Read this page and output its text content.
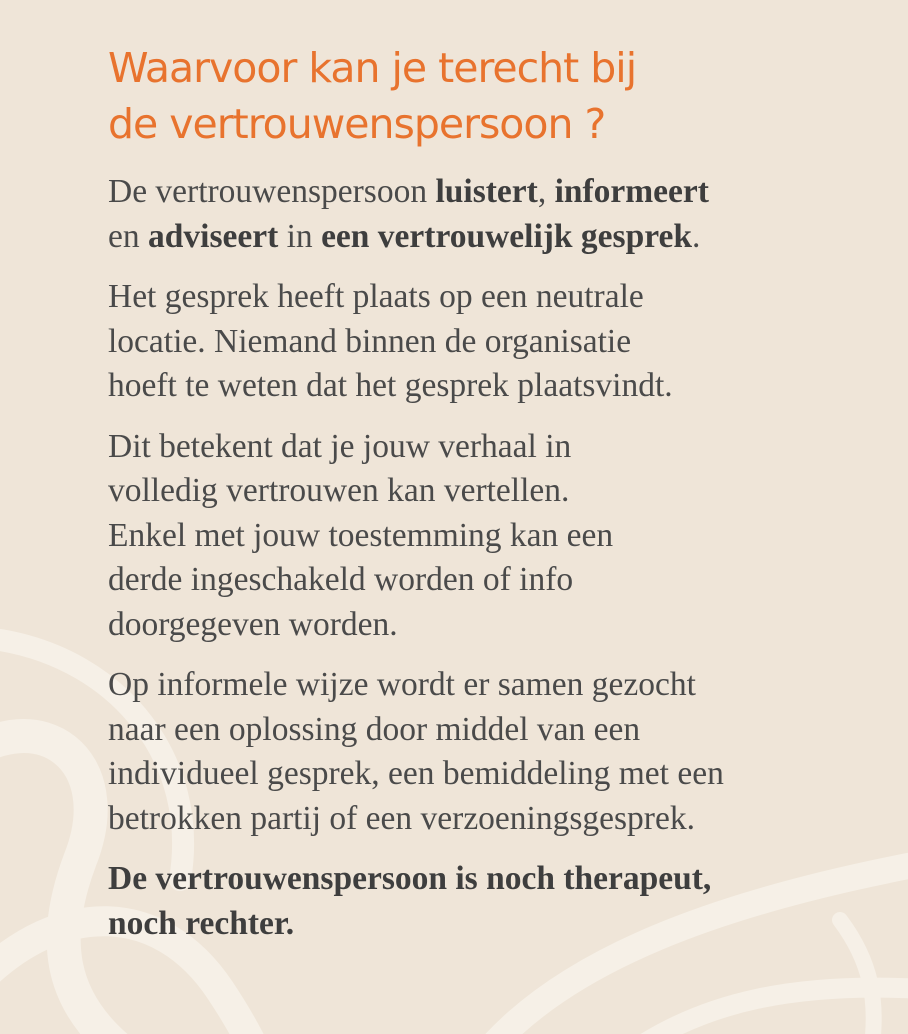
Waarvoor kan je terecht bij
de vertrouwenspersoon ?

De vertrouwenspersoon luistert, informeert
en adviseert in een vertrouwelijk gesprek.

Het gesprek heeft plaats op een neutrale
locatie. Niemand binnen de organisatie
hoeft te weten dat het gesprek plaatsvindt.

Dit betekent dat je jouw verhaal in
volledig vertrouwen kan vertellen.
Enkel met jouw toestemming kan een
derde ingeschakeld worden of info
doorgegeven worden.

Op informele wijze wordt er samen gezocht
naar een oplossing door middel van een
individueel gesprek, een bemiddeling met een
betrokken partij of een verzoeningsgesprek.

De vertrouwenspersoon is noch therapeut,
noch rechter.
